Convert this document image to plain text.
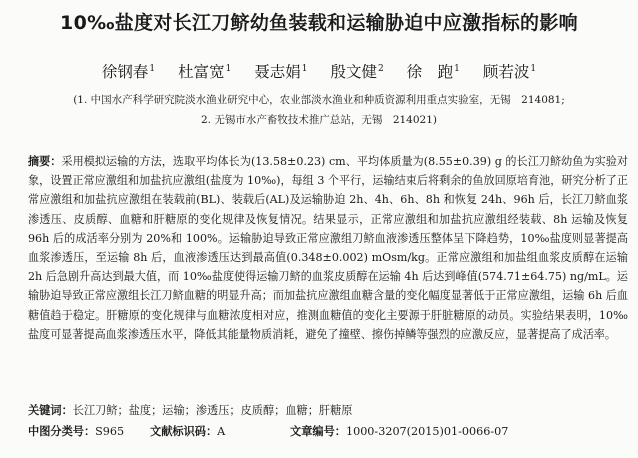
10‰盐度对长江刀鲚幼鱼装载和运输胁迫中应激指标的影响
徐钢春$^1$ 杜富宽$^1$ 聂志娟$^1$ 殷文健$^2$ 徐　跑$^1$ 顾若波$^1$
(1. 中国水产科学研究院淡水渔业研究中心，农业部淡水渔业和种质资源利用重点实验室，无锡　214081;
2. 无锡市水产畜牧技术推广总站，无锡　214021)

摘要：采用模拟运输的方法，选取平均体长为(13.58±0.23) cm、平均体质量为(8.55±0.39) g 的长江刀鲚幼鱼为实验对象，设置正常应激组和加盐抗应激组(盐度为 10‰)，每组 3 个平行，运输结束后将剩余的鱼放回原培育池，研究分析了正常应激组和加盐抗应激组在装载前(BL)、装载后(AL)及运输胁迫 2h、4h、6h、8h 和恢复 24h、96h 后，长江刀鲚血浆渗透压、皮质醇、血糖和肝糖原的变化规律及恢复情况。结果显示，正常应激组和加盐抗应激组经装载、8h 运输及恢复 96h 后的成活率分别为 20%和 100%。运输胁迫导致正常应激组刀鲚血液渗透压整体呈下降趋势，10‰盐度则显著提高血浆渗透压，至运输 8h 后，血液渗透压达到最高值(0.348±0.002) mOsm/kg。正常应激组和加盐组血浆皮质醇在运输 2h 后急剧升高达到最大值，而 10‰盐度使得运输刀鲚的血浆皮质醇在运输 4h 后达到峰值(574.71±64.75) ng/mL。运输胁迫导致正常应激组长江刀鲚血糖的明显升高；而加盐抗应激组血糖含量的变化幅度显著低于正常应激组，运输 6h 后血糖值趋于稳定。肝糖原的变化规律与血糖浓度相对应，推测血糖值的变化主要源于肝脏糖原的动员。实验结果表明，10‰盐度可显著提高血浆渗透压水平，降低其能量物质消耗，避免了撞壁、擦伤掉鳞等强烈的应激反应，显著提高了成活率。

关键词：长江刀鲚；盐度；运输；渗透压；皮质醇；血糖；肝糖原
中图分类号：S965 文献标识码：A	文章编号：1000-3207(2015)01-0066-07
